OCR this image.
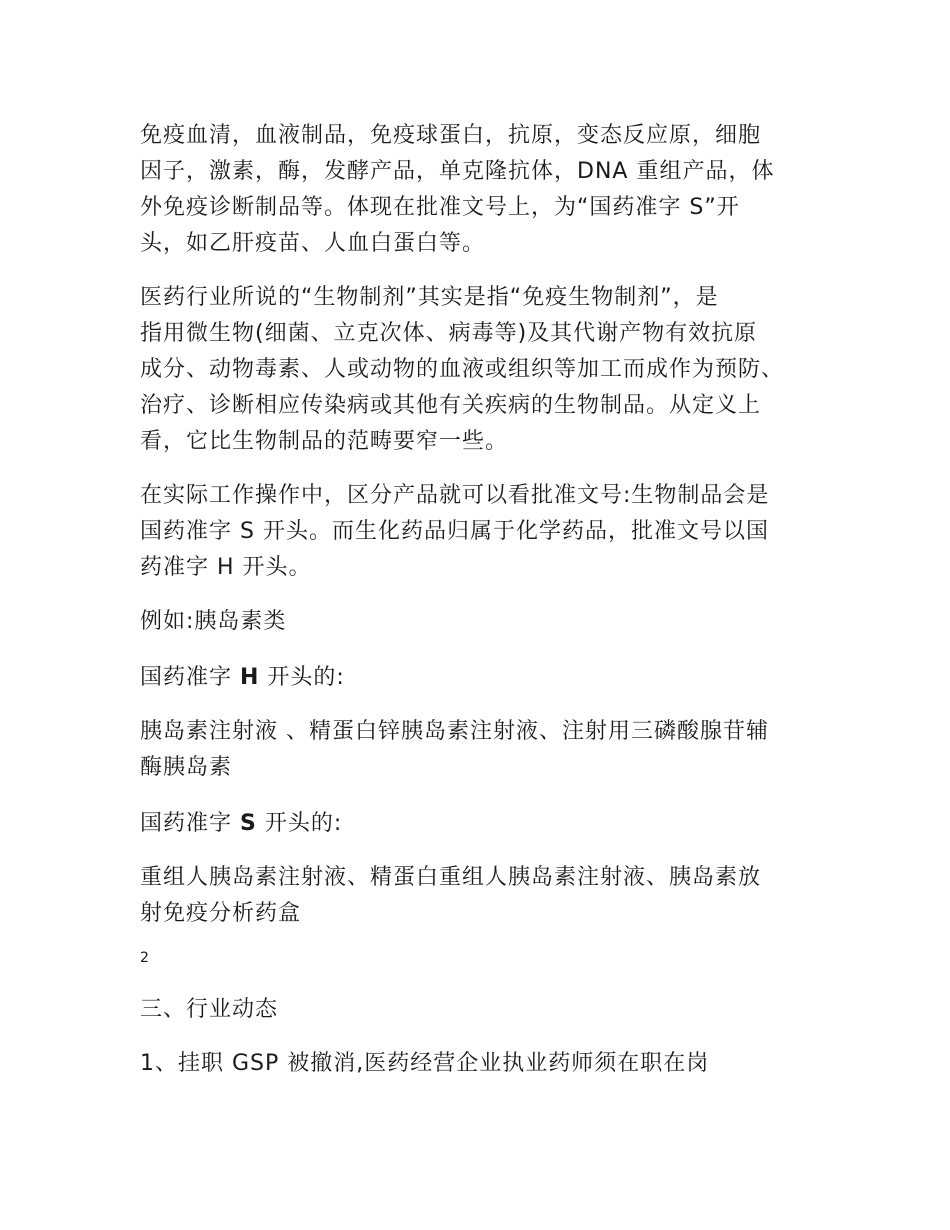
免疫血清，血液制品，免疫球蛋白，抗原，变态反应原，细胞
因子，激素，酶，发酵产品，单克隆抗体，DNA 重组产品，体
外免疫诊断制品等。体现在批准文号上，为“国药准字 S”开
头，如乙肝疫苗、人血白蛋白等。

医药行业所说的“生物制剂”其实是指“免疫生物制剂”，是
指用微生物(细菌、立克次体、病毒等)及其代谢产物有效抗原
成分、动物毒素、人或动物的血液或组织等加工而成作为预防、
治疗、诊断相应传染病或其他有关疾病的生物制品。从定义上
看，它比生物制品的范畴要窄一些。

在实际工作操作中，区分产品就可以看批准文号:生物制品会是
国药准字 S 开头。而生化药品归属于化学药品，批准文号以国
药准字 H 开头。

例如:胰岛素类

国药准字 H 开头的:

胰岛素注射液 、精蛋白锌胰岛素注射液、注射用三磷酸腺苷辅
酶胰岛素

国药准字 S 开头的:

重组人胰岛素注射液、精蛋白重组人胰岛素注射液、胰岛素放
射免疫分析药盒

2

三、行业动态

1、挂职 GSP 被撤消,医药经营企业执业药师须在职在岗
